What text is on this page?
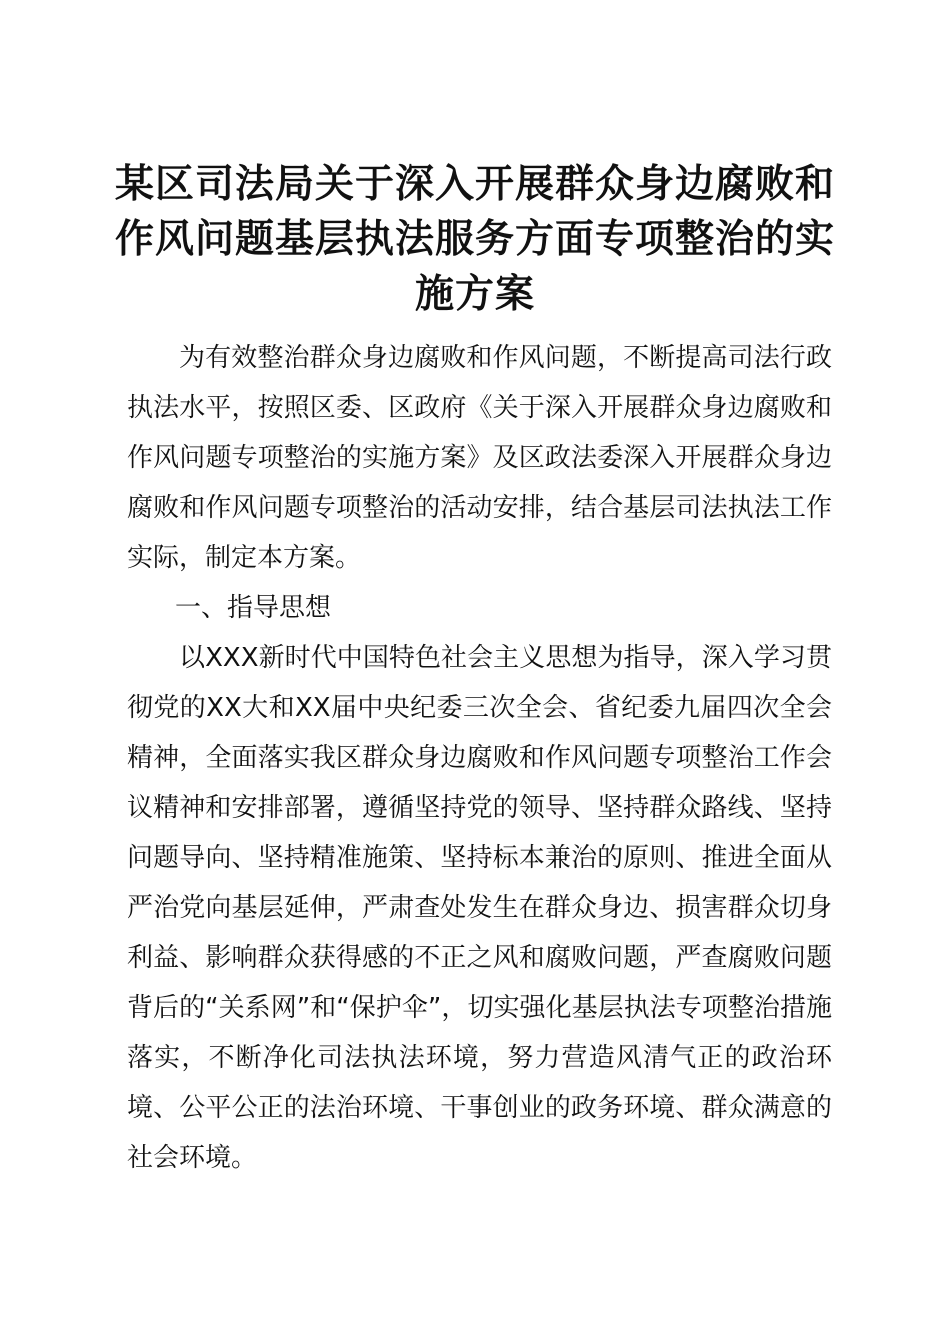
某区司法局关于深入开展群众身边腐败和作风问题基层执法服务方面专项整治的实施方案

为有效整治群众身边腐败和作风问题，不断提高司法行政执法水平，按照区委、区政府《关于深入开展群众身边腐败和作风问题专项整治的实施方案》及区政法委深入开展群众身边腐败和作风问题专项整治的活动安排，结合基层司法执法工作实际，制定本方案。

一、指导思想

以XXX新时代中国特色社会主义思想为指导，深入学习贯彻党的XX大和XX届中央纪委三次全会、省纪委九届四次全会精神，全面落实我区群众身边腐败和作风问题专项整治工作会议精神和安排部署，遵循坚持党的领导、坚持群众路线、坚持问题导向、坚持精准施策、坚持标本兼治的原则、推进全面从严治党向基层延伸，严肃查处发生在群众身边、损害群众切身利益、影响群众获得感的不正之风和腐败问题，严查腐败问题背后的“关系网”和“保护伞”，切实强化基层执法专项整治措施落实，不断净化司法执法环境，努力营造风清气正的政治环境、公平公正的法治环境、干事创业的政务环境、群众满意的社会环境。
